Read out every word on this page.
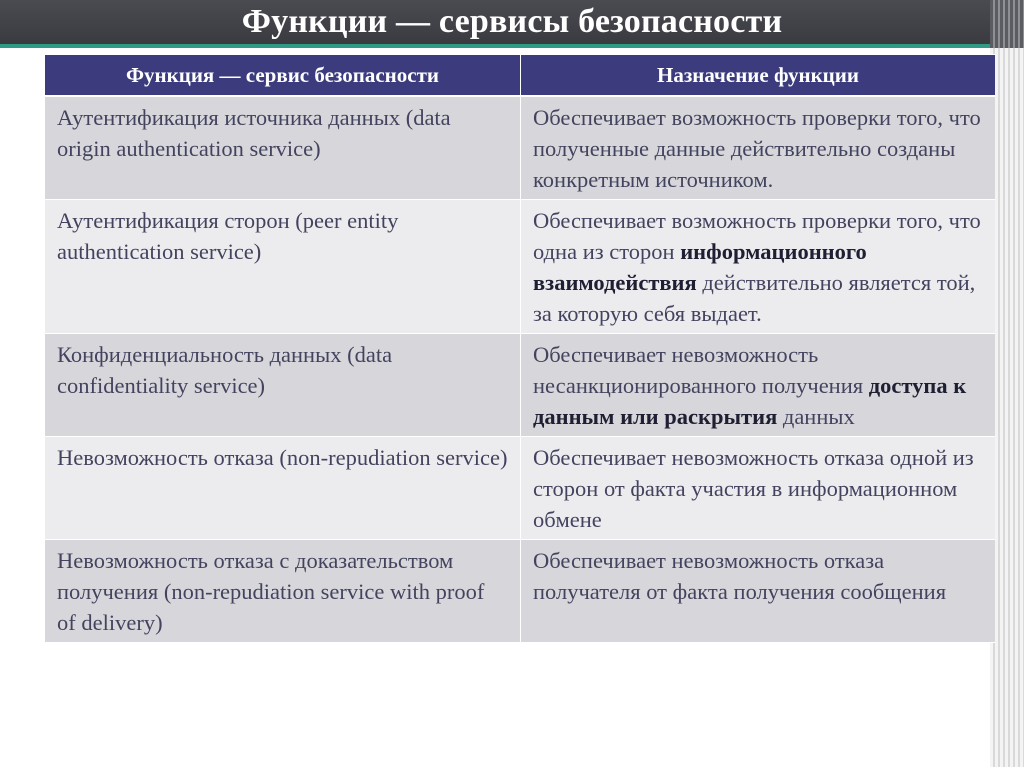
Функции — сервисы безопасности
Функция — сервис безопасности	Назначение функции
Аутентификация источника данных (data origin authentication service)	Обеспечивает возможность проверки того, что полученные данные действительно созданы конкретным источником.
Аутентификация сторон (peer entity authentication service)	Обеспечивает возможность проверки того, что одна из сторон информационного взаимодействия действительно является той, за которую себя выдает.
Конфиденциальность данных (data confidentiality service)	Обеспечивает невозможность несанкционированного получения доступа к данным или раскрытия данных
Невозможность отказа (non-repudiation service)	Обеспечивает невозможность отказа одной из сторон от факта участия в информационном обмене
Невозможность отказа с доказательством получения (non-repudiation service with proof of delivery)	Обеспечивает невозможность отказа получателя от факта получения сообщения
